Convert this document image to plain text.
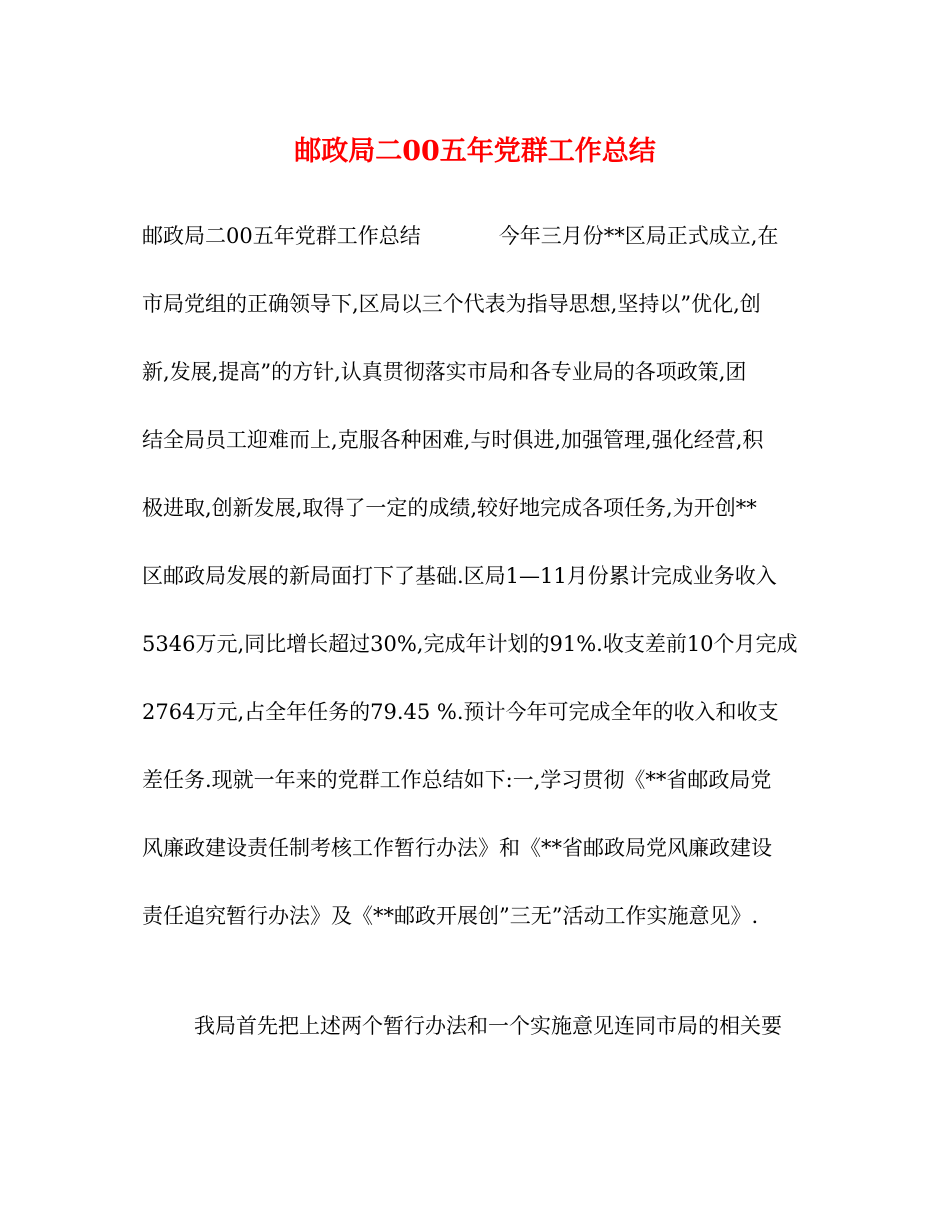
邮政局二00五年党群工作总结
邮政局二00五年党群工作总结	今年三月份**区局正式成立,在
市局党组的正确领导下,区局以三个代表为指导思想,坚持以”优化,创
新,发展,提高”的方针,认真贯彻落实市局和各专业局的各项政策,团
结全局员工迎难而上,克服各种困难,与时俱进,加强管理,强化经营,积
极进取,创新发展,取得了一定的成绩,较好地完成各项任务,为开创**
区邮政局发展的新局面打下了基础.区局1—11月份累计完成业务收入
5346万元,同比增长超过30%,完成年计划的91%.收支差前10个月完成
2764万元,占全年任务的79.45 %.预计今年可完成全年的收入和收支
差任务.现就一年来的党群工作总结如下:一,学习贯彻《**省邮政局党
风廉政建设责任制考核工作暂行办法》和《**省邮政局党风廉政建设
责任追究暂行办法》及《**邮政开展创”三无”活动工作实施意见》.
我局首先把上述两个暂行办法和一个实施意见连同市局的相关要
